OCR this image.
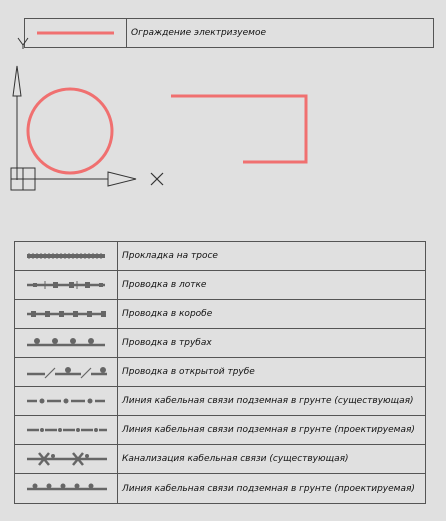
Ограждение электризуемое
Прокладка на тросе
Проводка в лотке
Проводка в коробе
Проводка в трубах
Проводка в открытой трубе
Линия кабельная связи подземная в грунте (существующая)
Линия кабельная связи подземная в грунте (проектируемая)
Канализация кабельная связи (существующая)
Линия кабельная связи подземная в грунте (проектируемая)
